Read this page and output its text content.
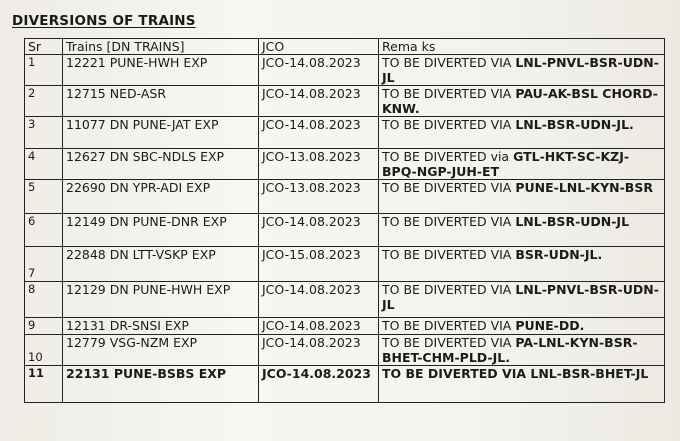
DIVERSIONS OF TRAINS
Sr	Trains [DN TRAINS]	JCO	Rema ks
1	12221 PUNE-HWH EXP	JCO-14.08.2023	TO BE DIVERTED VIA LNL-PNVL-BSR-UDN-JL
2	12715 NED-ASR	JCO-14.08.2023	TO BE DIVERTED VIA PAU-AK-BSL CHORD-KNW.
3	11077 DN PUNE-JAT EXP	JCO-14.08.2023	TO BE DIVERTED VIA LNL-BSR-UDN-JL.
4	12627 DN SBC-NDLS EXP	JCO-13.08.2023	TO BE DIVERTED via GTL-HKT-SC-KZJ-BPQ-NGP-JUH-ET
5	22690 DN YPR-ADI EXP	JCO-13.08.2023	TO BE DIVERTED VIA PUNE-LNL-KYN-BSR
6	12149 DN PUNE-DNR EXP	JCO-14.08.2023	TO BE DIVERTED VIA LNL-BSR-UDN-JL
7	22848 DN LTT-VSKP EXP	JCO-15.08.2023	TO BE DIVERTED VIA BSR-UDN-JL.
8	12129 DN PUNE-HWH EXP	JCO-14.08.2023	TO BE DIVERTED VIA LNL-PNVL-BSR-UDN-JL
9	12131 DR-SNSI EXP	JCO-14.08.2023	TO BE DIVERTED VIA PUNE-DD.
10	12779 VSG-NZM EXP	JCO-14.08.2023	TO BE DIVERTED VIA PA-LNL-KYN-BSR-BHET-CHM-PLD-JL.
11	22131 PUNE-BSBS EXP	JCO-14.08.2023	TO BE DIVERTED VIA LNL-BSR-BHET-JL
